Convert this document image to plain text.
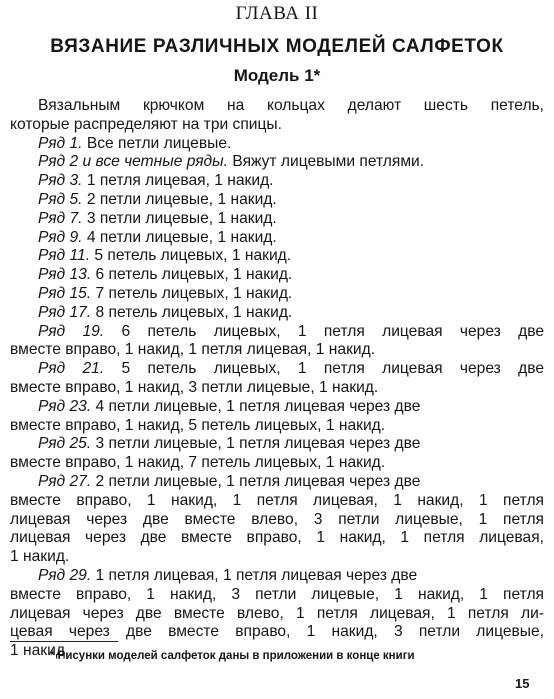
ГЛАВА II
ВЯЗАНИЕ РАЗЛИЧНЫХ МОДЕЛЕЙ САЛФЕТОК
Модель 1*

Вязальным крючком на кольцах делают шесть петель,
которые распределяют на три спицы.

Ряд 1. Все петли лицевые.

Ряд 2 и все четные ряды. Вяжут лицевыми петлями.

Ряд 3. 1 петля лицевая, 1 накид.

Ряд 5. 2 петли лицевые, 1 накид.

Ряд 7. 3 петли лицевые, 1 накид.

Ряд 9. 4 петли лицевые, 1 накид.

Ряд 11. 5 петель лицевых, 1 накид.

Ряд 13. 6 петель лицевых, 1 накид.

Ряд 15. 7 петель лицевых, 1 накид.

Ряд 17. 8 петель лицевых, 1 накид.

Ряд 19. 6 петель лицевых, 1 петля лицевая через две
вместе вправо, 1 накид, 1 петля лицевая, 1 накид.

Ряд 21. 5 петель лицевых, 1 петля лицевая через две
вместе вправо, 1 накид, 3 петли лицевые, 1 накид.

Ряд 23. 4 петли лицевые, 1 петля лицевая через две
вместе вправо, 1 накид, 5 петель лицевых, 1 накид.

Ряд 25. 3 петли лицевые, 1 петля лицевая через две
вместе вправо, 1 накид, 7 петель лицевых, 1 накид.

Ряд 27. 2 петли лицевые, 1 петля лицевая через две
вместе вправо, 1 накид, 1 петля лицевая, 1 накид, 1 петля
лицевая через две вместе влево, 3 петли лицевые, 1 петля
лицевая через две вместе вправо, 1 накид, 1 петля лицевая,
1 накид.

Ряд 29. 1 петля лицевая, 1 петля лицевая через две
вместе вправо, 1 накид, 3 петли лицевые, 1 накид, 1 петля
лицевая через две вместе влево, 1 петля лицевая, 1 петля ли-
цевая через две вместе вправо, 1 накид, 3 петли лицевые,
1 накид.

* Рисунки моделей салфеток даны в приложении в конце книги
15
